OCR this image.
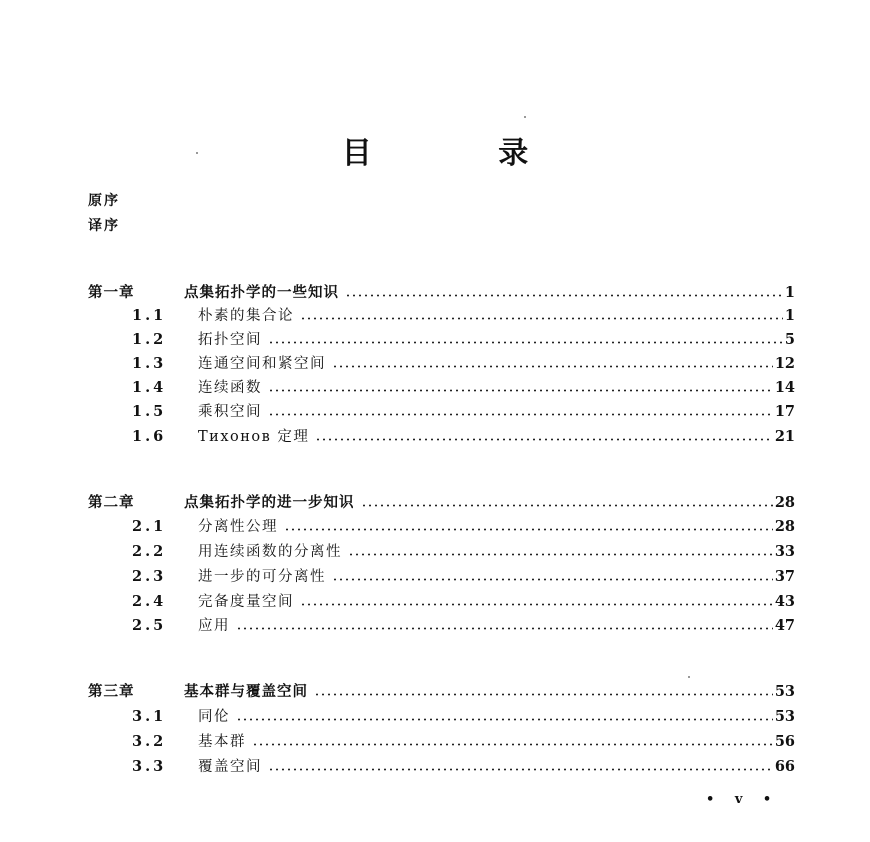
目 录
原序
译序
第一章	点集拓扑学的一些知识	1
1.1	朴素的集合论	1
1.2	拓扑空间	5
1.3	连通空间和紧空间	12
1.4	连续函数	14
1.5	乘积空间	17
1.6	Тихонов 定理	21
第二章	点集拓扑学的进一步知识	28
2.1	分离性公理	28
2.2	用连续函数的分离性	33
2.3	进一步的可分离性	37
2.4	完备度量空间	43
2.5	应用	47
第三章	基本群与覆盖空间	53
3.1	同伦	53
3.2	基本群	56
3.3	覆盖空间	66
• v •
